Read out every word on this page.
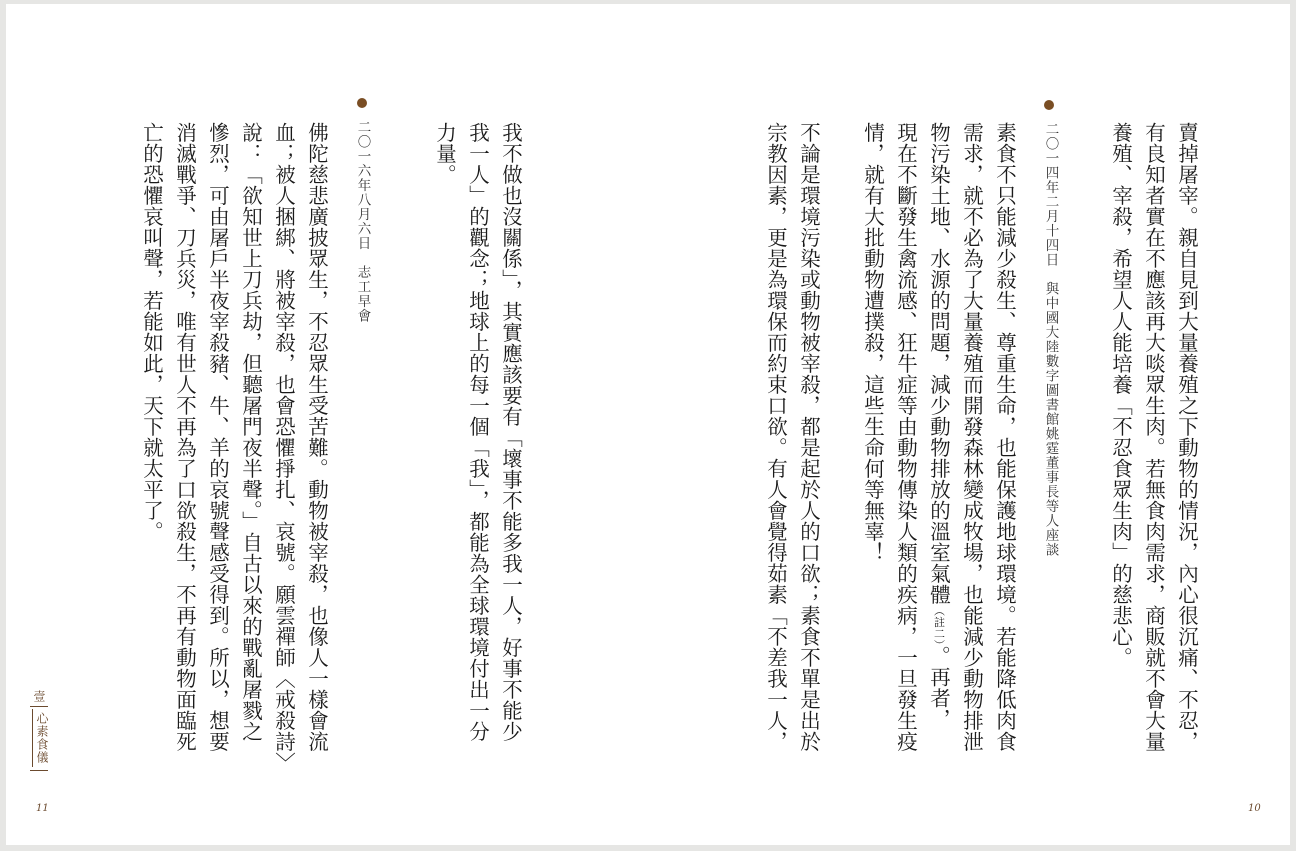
賣掉屠宰。親自見到大量養殖之下動物的情況，內心很沉痛、不忍，

有良知者實在不應該再大啖眾生肉。若無食肉需求，商販就不會大量

養殖、宰殺，希望人人能培養「不忍食眾生肉」的慈悲心。

二〇一四年二月十四日　與中國大陸數字圖書館姚霆董事長等人座談

素食不只能減少殺生、尊重生命，也能保護地球環境。若能降低肉食

需求，就不必為了大量養殖而開發森林變成牧場，也能減少動物排泄

物污染土地、水源的問題，減少動物排放的溫室氣體（註二）。再者，

現在不斷發生禽流感、狂牛症等由動物傳染人類的疾病，一旦發生疫

情，就有大批動物遭撲殺，這些生命何等無辜！

不論是環境污染或動物被宰殺，都是起於人的口欲；素食不單是出於

宗教因素，更是為環保而約束口欲。有人會覺得茹素「不差我一人，

10

我不做也沒關係」，其實應該要有「壞事不能多我一人，好事不能少

我一人」的觀念；地球上的每一個「我」，都能為全球環境付出一分

力量。

二〇一六年八月六日　志工早會

佛陀慈悲廣披眾生，不忍眾生受苦難。動物被宰殺，也像人一樣會流

血；被人捆綁、將被宰殺，也會恐懼掙扎、哀號。願雲禪師〈戒殺詩〉

說：「欲知世上刀兵劫，但聽屠門夜半聲。」自古以來的戰亂屠戮之

慘烈，可由屠戶半夜宰殺豬、牛、羊的哀號聲感受得到。所以，想要

消滅戰爭、刀兵災，唯有世人不再為了口欲殺生，不再有動物面臨死

亡的恐懼哀叫聲，若能如此，天下就太平了。

壹
心素食儀
11
